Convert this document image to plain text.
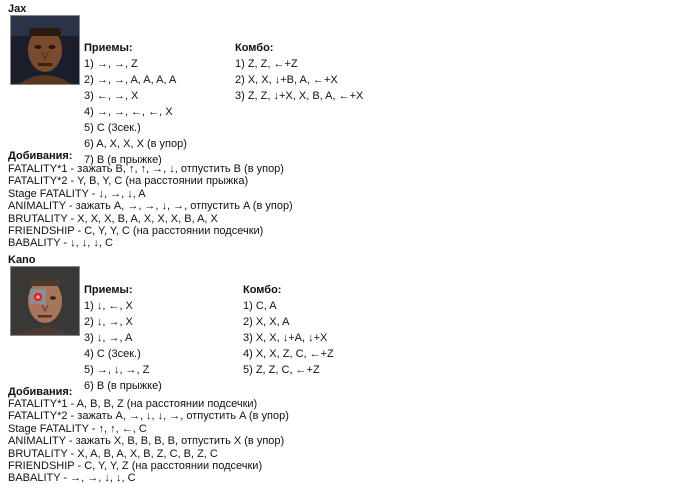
Jax
Приемы:
1) →, →, Z
2) →, →, A, A, A, A
3) ←, →, X
4) →, →, ←, ←, X
5) C (3сек.)
6) A, X, X, X (в упор)
7) B (в прыжке)
Комбо:
1) Z, Z, ←+Z
2) X, X, ↓+B, A, ←+X
3) Z, Z, ↓+X, X, B, A, ←+X
Добивания:
FATALITY*1 - зажать B, ↑, ↑, →, ↓, отпустить B (в упор)
FATALITY*2 - Y, B, Y, C (на расстоянии прыжка)
Stage FATALITY - ↓, →, ↓, A
ANIMALITY - зажать A, →, →, ↓, →, отпустить A (в упор)
BRUTALITY - X, X, X, B, A, X, X, X, B, A, X
FRIENDSHIP - C, Y, Y, C (на расстоянии подсечки)
BABALITY - ↓, ↓, ↓, C
Kano
Приемы:
1) ↓, ←, X
2) ↓, →, X
3) ↓, →, A
4) C (3сек.)
5) →, ↓, →, Z
6) B (в прыжке)
Комбо:
1) C, A
2) X, X, A
3) X, X, ↓+A, ↓+X
4) X, X, Z, C, ←+Z
5) Z, Z, C, ←+Z
Добивания:
FATALITY*1 - A, B, B, Z (на расстоянии подсечки)
FATALITY*2 - зажать A, →, ↓, ↓, →, отпустить A (в упор)
Stage FATALITY - ↑, ↑, ←, C
ANIMALITY - зажать X, B, B, B, B, отпустить X (в упор)
BRUTALITY - X, A, B, A, X, B, Z, C, B, Z, C
FRIENDSHIP - C, Y, Y, Z (на расстоянии подсечки)
BABALITY - →, →, ↓, ↓, C
